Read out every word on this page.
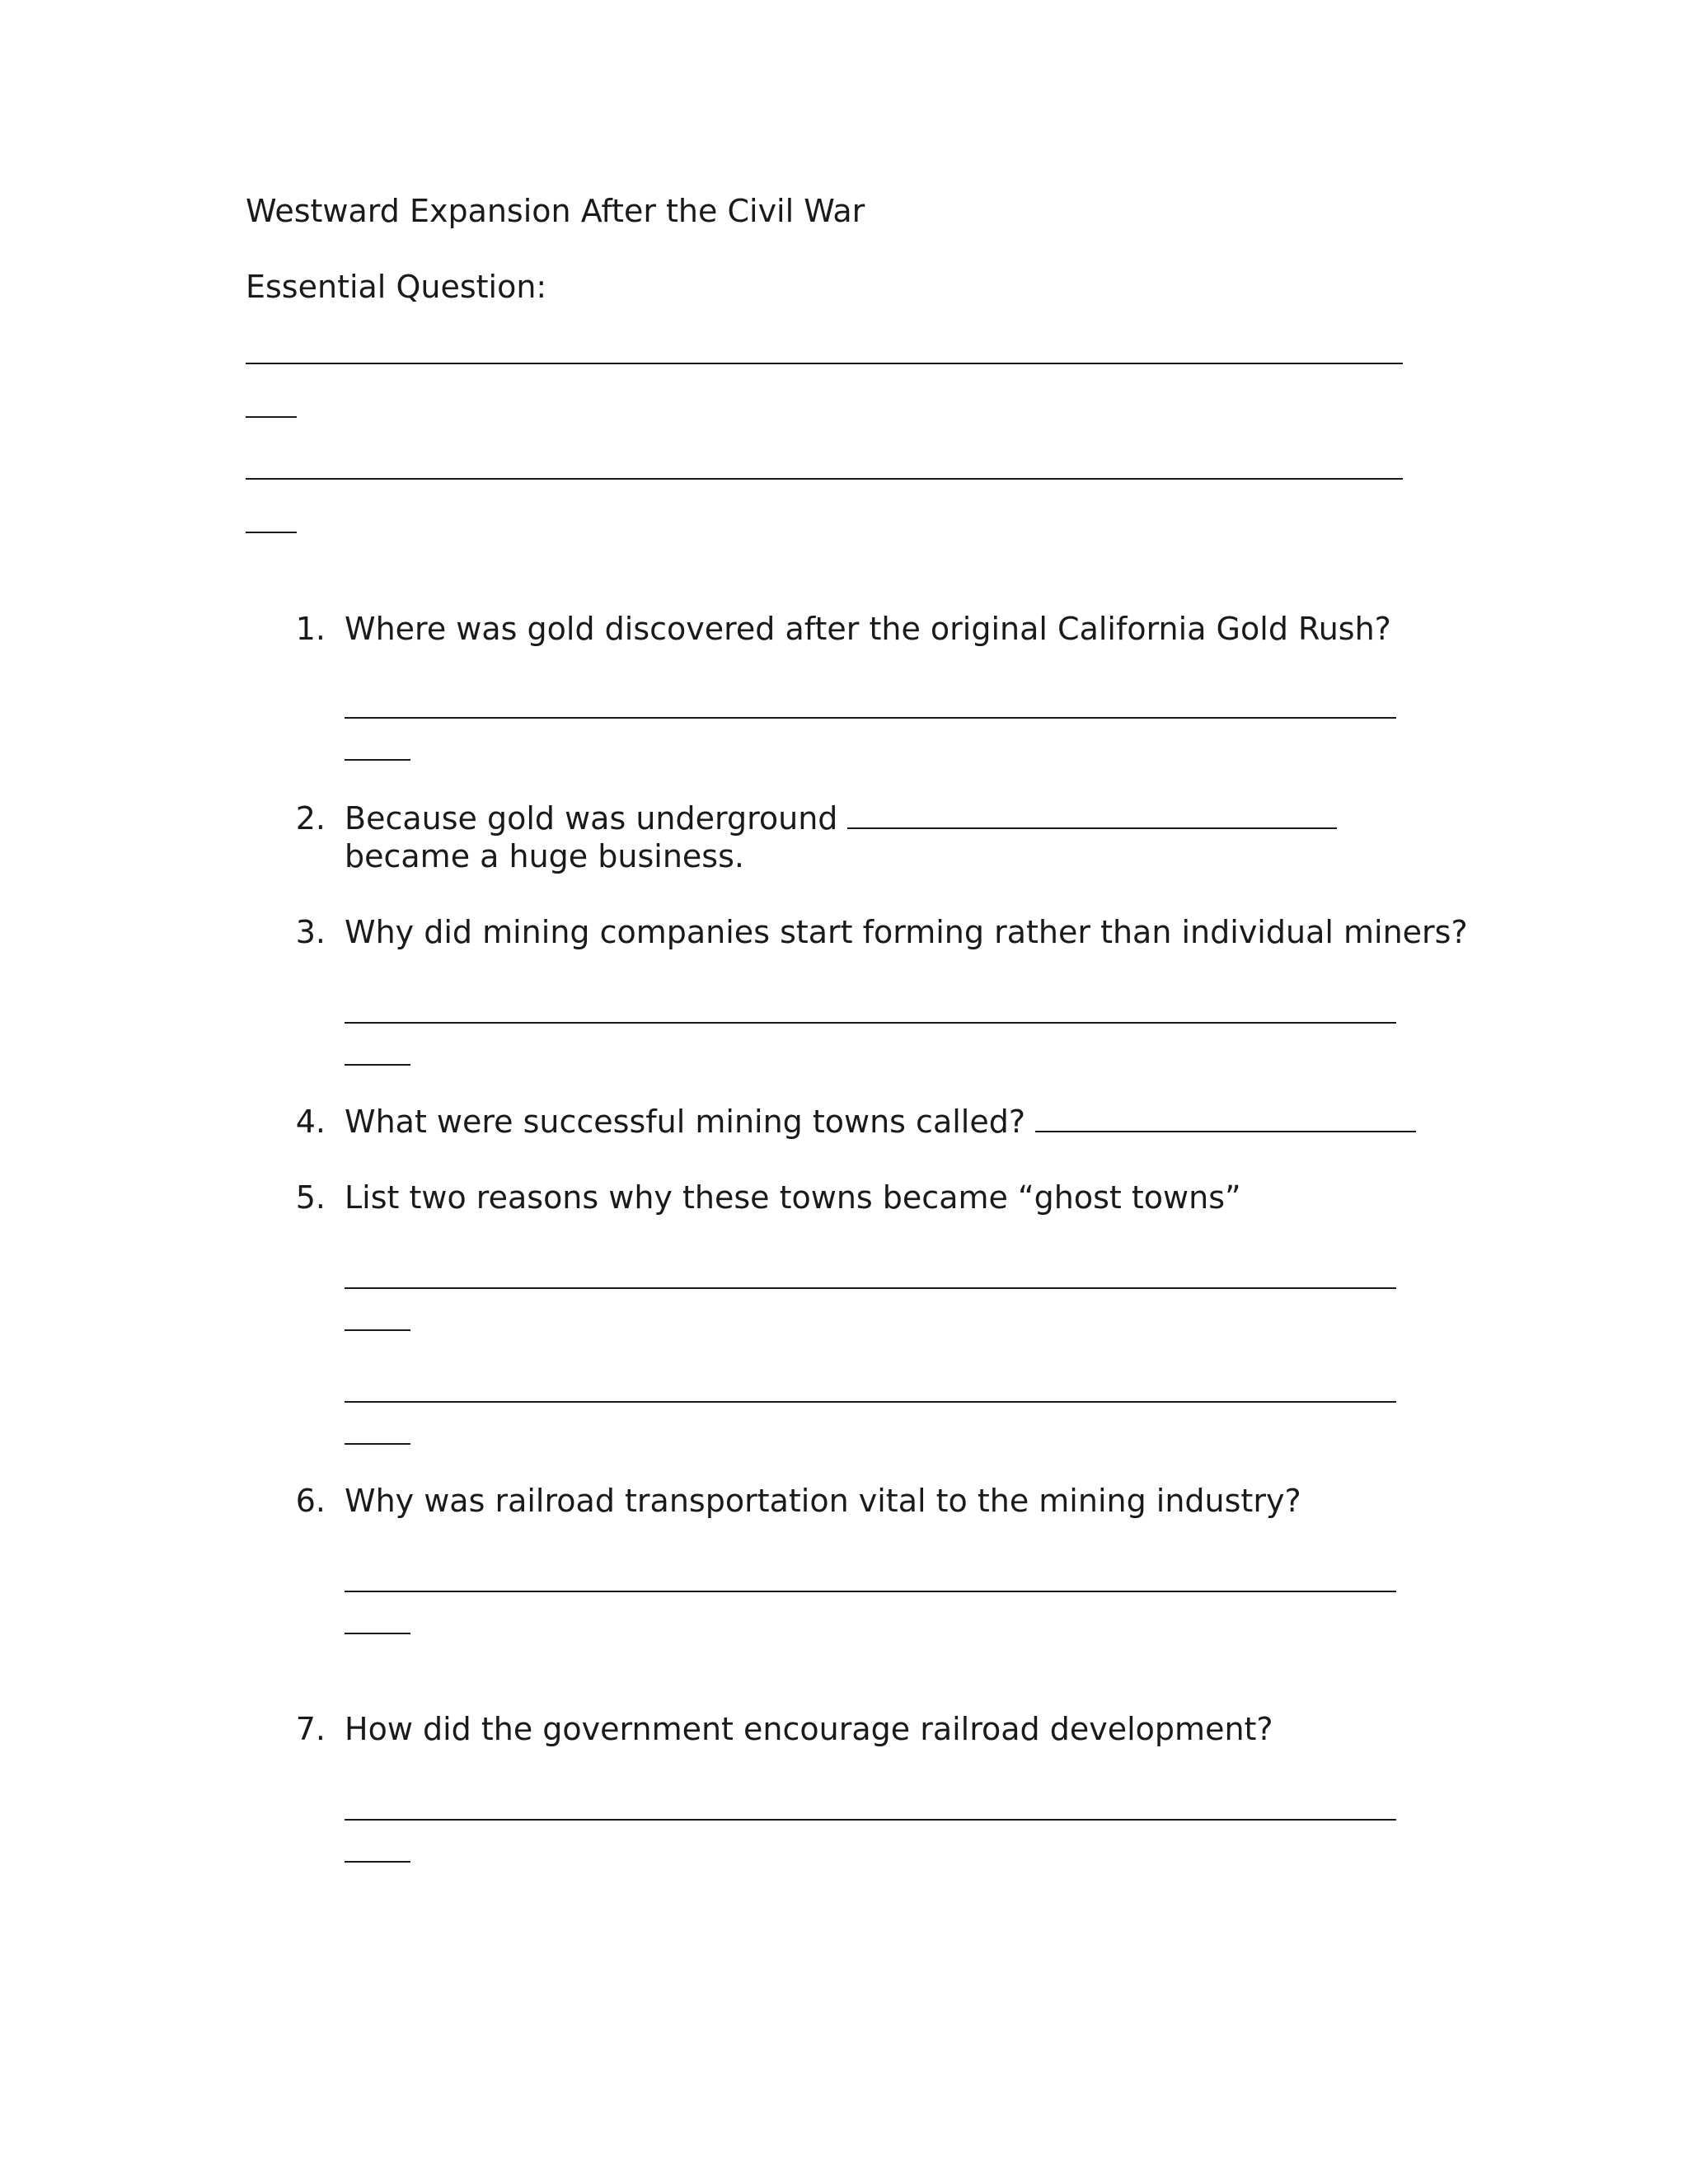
Westward Expansion After the Civil War
Essential Question:
1. Where was gold discovered after the original California Gold Rush?
2. Because gold was underground
became a huge business.
3. Why did mining companies start forming rather than individual miners?
4. What were successful mining towns called?
5. List two reasons why these towns became “ghost towns”
6. Why was railroad transportation vital to the mining industry?
7. How did the government encourage railroad development?
